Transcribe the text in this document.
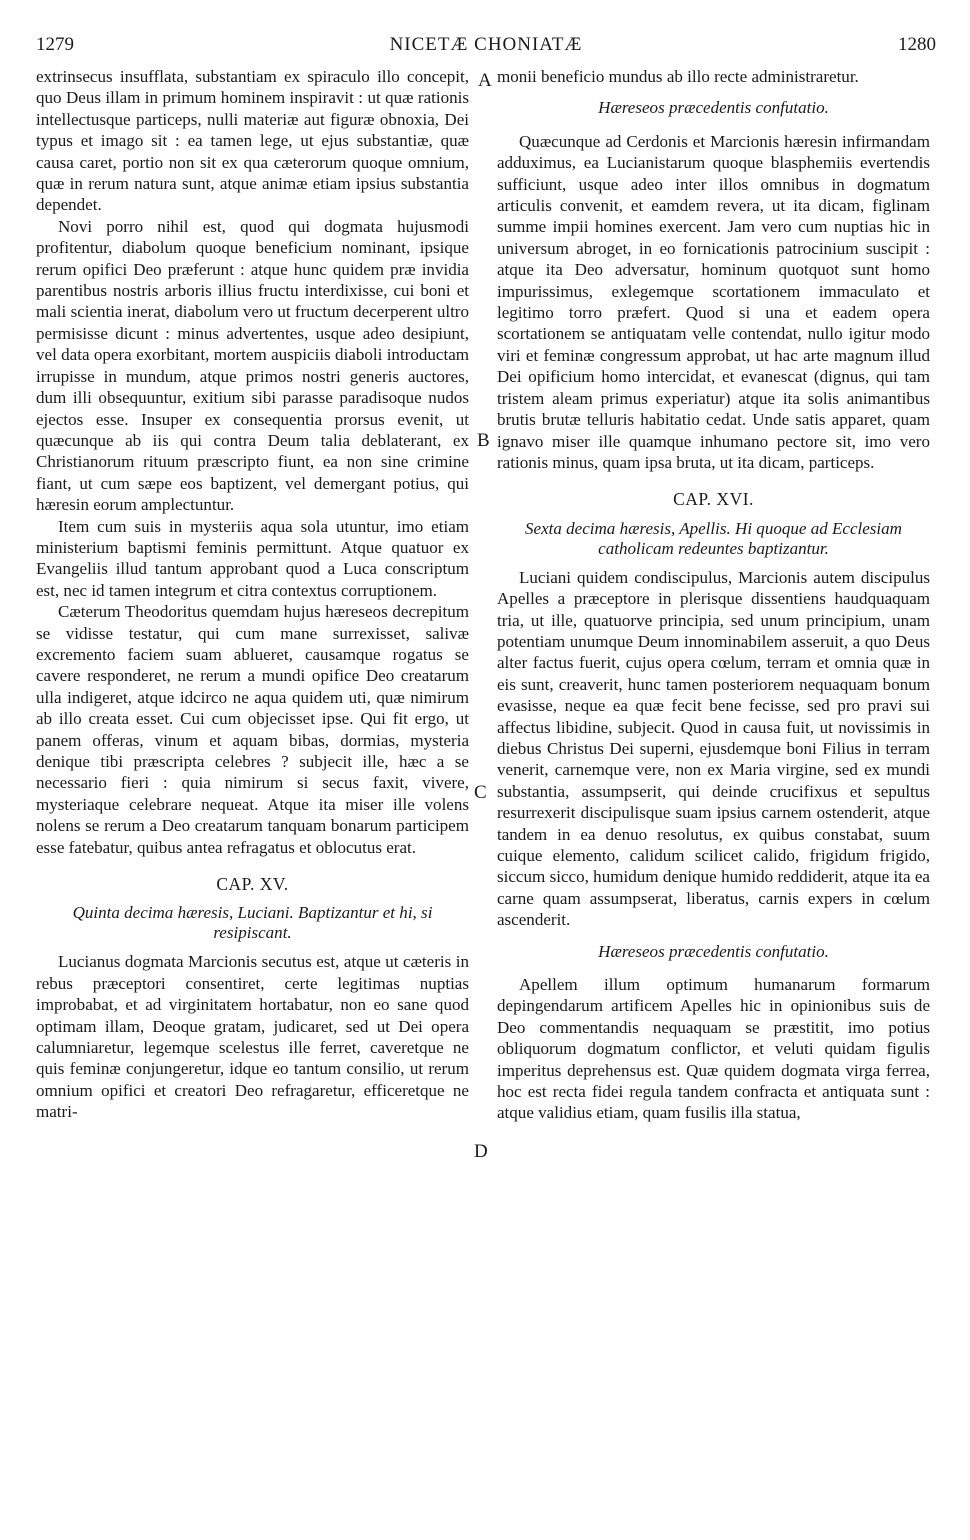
1279	NICETÆ CHONIATÆ	1280
A
B
C
D

extrinsecus insufflata, substantiam ex spiraculo illo concepit, quo Deus illam in primum hominem inspiravit : ut quæ rationis intellectusque particeps, nulli materiæ aut figuræ obnoxia, Dei typus et imago sit : ea tamen lege, ut ejus substantiæ, quæ causa caret, portio non sit ex qua cæterorum quoque omnium, quæ in rerum natura sunt, atque animæ etiam ipsius substantia dependet.

Novi porro nihil est, quod qui dogmata hujusmodi profitentur, diabolum quoque beneficium nominant, ipsique rerum opifici Deo præferunt : atque hunc quidem præ invidia parentibus nostris arboris illius fructu interdixisse, cui boni et mali scientia inerat, diabolum vero ut fructum decerperent ultro permisisse dicunt : minus advertentes, usque adeo desipiunt, vel data opera exorbitant, mortem auspiciis diaboli introductam irrupisse in mundum, atque primos nostri generis auctores, dum illi obsequuntur, exitium sibi parasse paradisoque nudos ejectos esse. Insuper ex consequentia prorsus evenit, ut quæcunque ab iis qui contra Deum talia deblaterant, ex Christianorum rituum præscripto fiunt, ea non sine crimine fiant, ut cum sæpe eos baptizent, vel demergant potius, qui hæresin eorum amplectuntur.

Item cum suis in mysteriis aqua sola utuntur, imo etiam ministerium baptismi feminis permittunt. Atque quatuor ex Evangeliis illud tantum approbant quod a Luca conscriptum est, nec id tamen integrum et citra contextus corruptionem.

Cæterum Theodoritus quemdam hujus hæreseos decrepitum se vidisse testatur, qui cum mane surrexisset, salivæ excremento faciem suam ablueret, causamque rogatus se cavere responderet, ne rerum a mundi opifice Deo creatarum ulla indigeret, atque idcirco ne aqua quidem uti, quæ nimirum ab illo creata esset. Cui cum objecisset ipse. Qui fit ergo, ut panem offeras, vinum et aquam bibas, dormias, mysteria denique tibi præscripta celebres ? subjecit ille, hæc a se necessario fieri : quia nimirum si secus faxit, vivere, mysteriaque celebrare nequeat. Atque ita miser ille volens nolens se rerum a Deo creatarum tanquam bonarum participem esse fatebatur, quibus antea refragatus et oblocutus erat.

CAP. XV.
Quinta decima hæresis, Luciani. Baptizantur et hi, si resipiscant.

Lucianus dogmata Marcionis secutus est, atque ut cæteris in rebus præceptori consentiret, certe legitimas nuptias improbabat, et ad virginitatem hortabatur, non eo sane quod optimam illam, Deoque gratam, judicaret, sed ut Dei opera calumniaretur, legemque scelestus ille ferret, caveretque ne quis feminæ conjungeretur, idque eo tantum consilio, ut rerum omnium opifici et creatori Deo refragaretur, efficeretque ne matri-

monii beneficio mundus ab illo recte administraretur.

Hæreseos præcedentis confutatio.

Quæcunque ad Cerdonis et Marcionis hæresin infirmandam adduximus, ea Lucianistarum quoque blasphemiis evertendis sufficiunt, usque adeo inter illos omnibus in dogmatum articulis convenit, et eamdem revera, ut ita dicam, figlinam summe impii homines exercent. Jam vero cum nuptias hic in universum abroget, in eo fornicationis patrocinium suscipit : atque ita Deo adversatur, hominum quotquot sunt homo impurissimus, exlegemque scortationem immaculato et legitimo torro præfert. Quod si una et eadem opera scortationem se antiquatam velle contendat, nullo igitur modo viri et feminæ congressum approbat, ut hac arte magnum illud Dei opificium homo intercidat, et evanescat (dignus, qui tam tristem aleam primus experiatur) atque ita solis animantibus brutis brutæ telluris habitatio cedat. Unde satis apparet, quam ignavo miser ille quamque inhumano pectore sit, imo vero rationis minus, quam ipsa bruta, ut ita dicam, particeps.

CAP. XVI.
Sexta decima hæresis, Apellis. Hi quoque ad Ecclesiam catholicam redeuntes baptizantur.

Luciani quidem condiscipulus, Marcionis autem discipulus Apelles a præceptore in plerisque dissentiens haudquaquam tria, ut ille, quatuorve principia, sed unum principium, unam potentiam unumque Deum innominabilem asseruit, a quo Deus alter factus fuerit, cujus opera cœlum, terram et omnia quæ in eis sunt, creaverit, hunc tamen posteriorem nequaquam bonum evasisse, neque ea quæ fecit bene fecisse, sed pro pravi sui affectus libidine, subjecit. Quod in causa fuit, ut novissimis in diebus Christus Dei superni, ejusdemque boni Filius in terram venerit, carnemque vere, non ex Maria virgine, sed ex mundi substantia, assumpserit, qui deinde crucifixus et sepultus resurrexerit discipulisque suam ipsius carnem ostenderit, atque tandem in ea denuo resolutus, ex quibus constabat, suum cuique elemento, calidum scilicet calido, frigidum frigido, siccum sicco, humidum denique humido reddiderit, atque ita ea carne quam assumpserat, liberatus, carnis expers in cœlum ascenderit.

Hæreseos præcedentis confutatio.

Apellem illum optimum humanarum formarum depingendarum artificem Apelles hic in opinionibus suis de Deo commentandis nequaquam se præstitit, imo potius obliquorum dogmatum conflictor, et veluti quidam figulis imperitus deprehensus est. Quæ quidem dogmata virga ferrea, hoc est recta fidei regula tandem confracta et antiquata sunt : atque validius etiam, quam fusilis illa statua,
